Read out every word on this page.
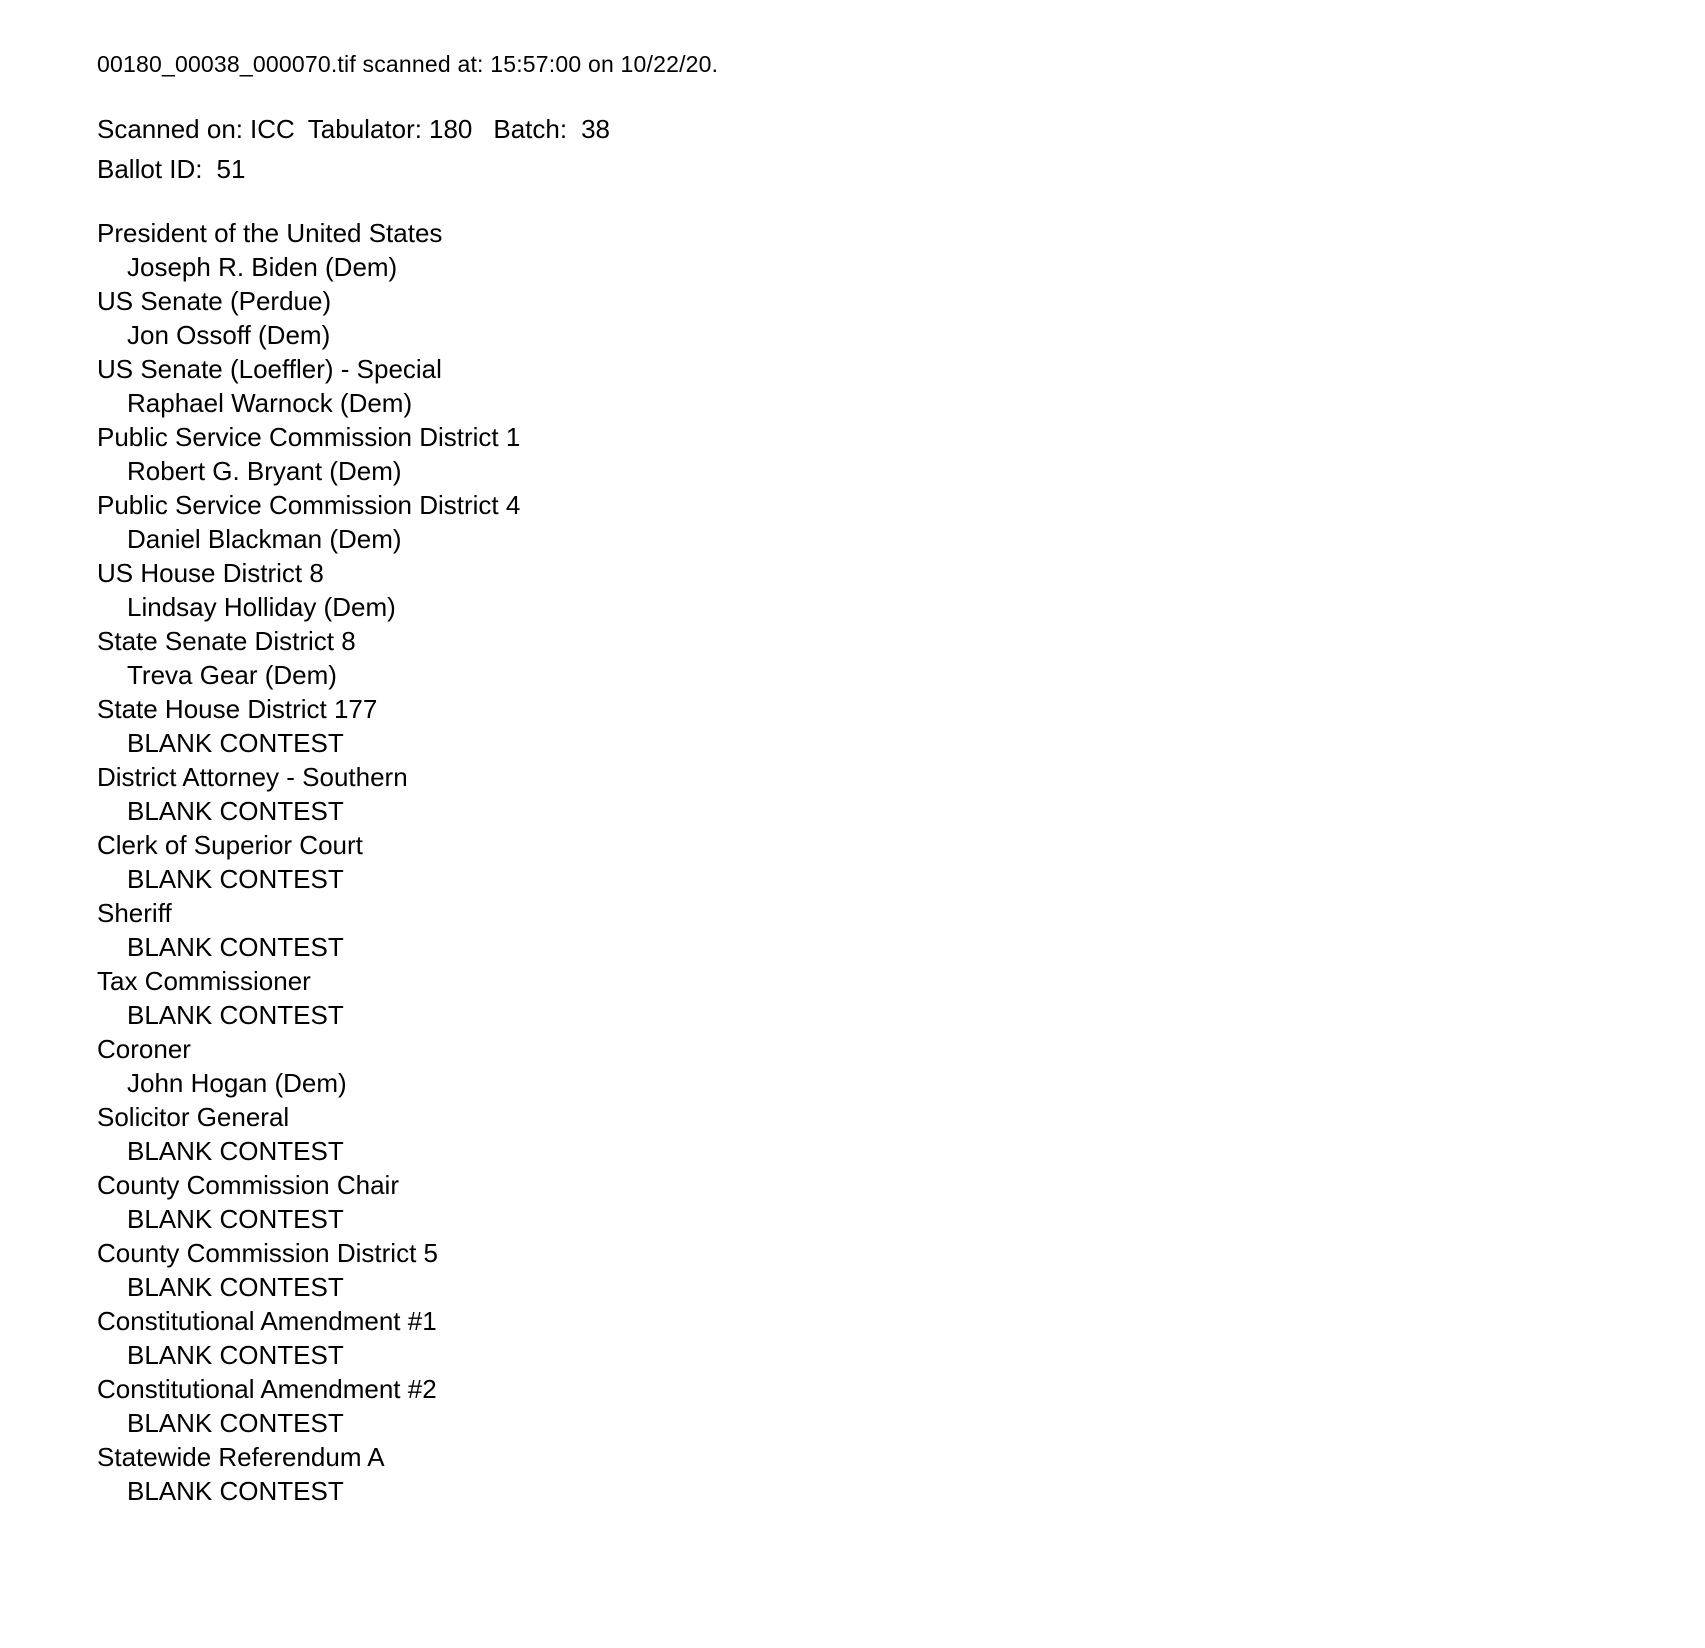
00180_00038_000070.tif scanned at: 15:57:00 on 10/22/20.
Scanned on: ICC Tabulator: 180 Batch: 38
Ballot ID: 51
President of the United States
Joseph R. Biden (Dem)
US Senate (Perdue)
Jon Ossoff (Dem)
US Senate (Loeffler) - Special
Raphael Warnock (Dem)
Public Service Commission District 1
Robert G. Bryant (Dem)
Public Service Commission District 4
Daniel Blackman (Dem)
US House District 8
Lindsay Holliday (Dem)
State Senate District 8
Treva Gear (Dem)
State House District 177
BLANK CONTEST
District Attorney - Southern
BLANK CONTEST
Clerk of Superior Court
BLANK CONTEST
Sheriff
BLANK CONTEST
Tax Commissioner
BLANK CONTEST
Coroner
John Hogan (Dem)
Solicitor General
BLANK CONTEST
County Commission Chair
BLANK CONTEST
County Commission District 5
BLANK CONTEST
Constitutional Amendment #1
BLANK CONTEST
Constitutional Amendment #2
BLANK CONTEST
Statewide Referendum A
BLANK CONTEST
